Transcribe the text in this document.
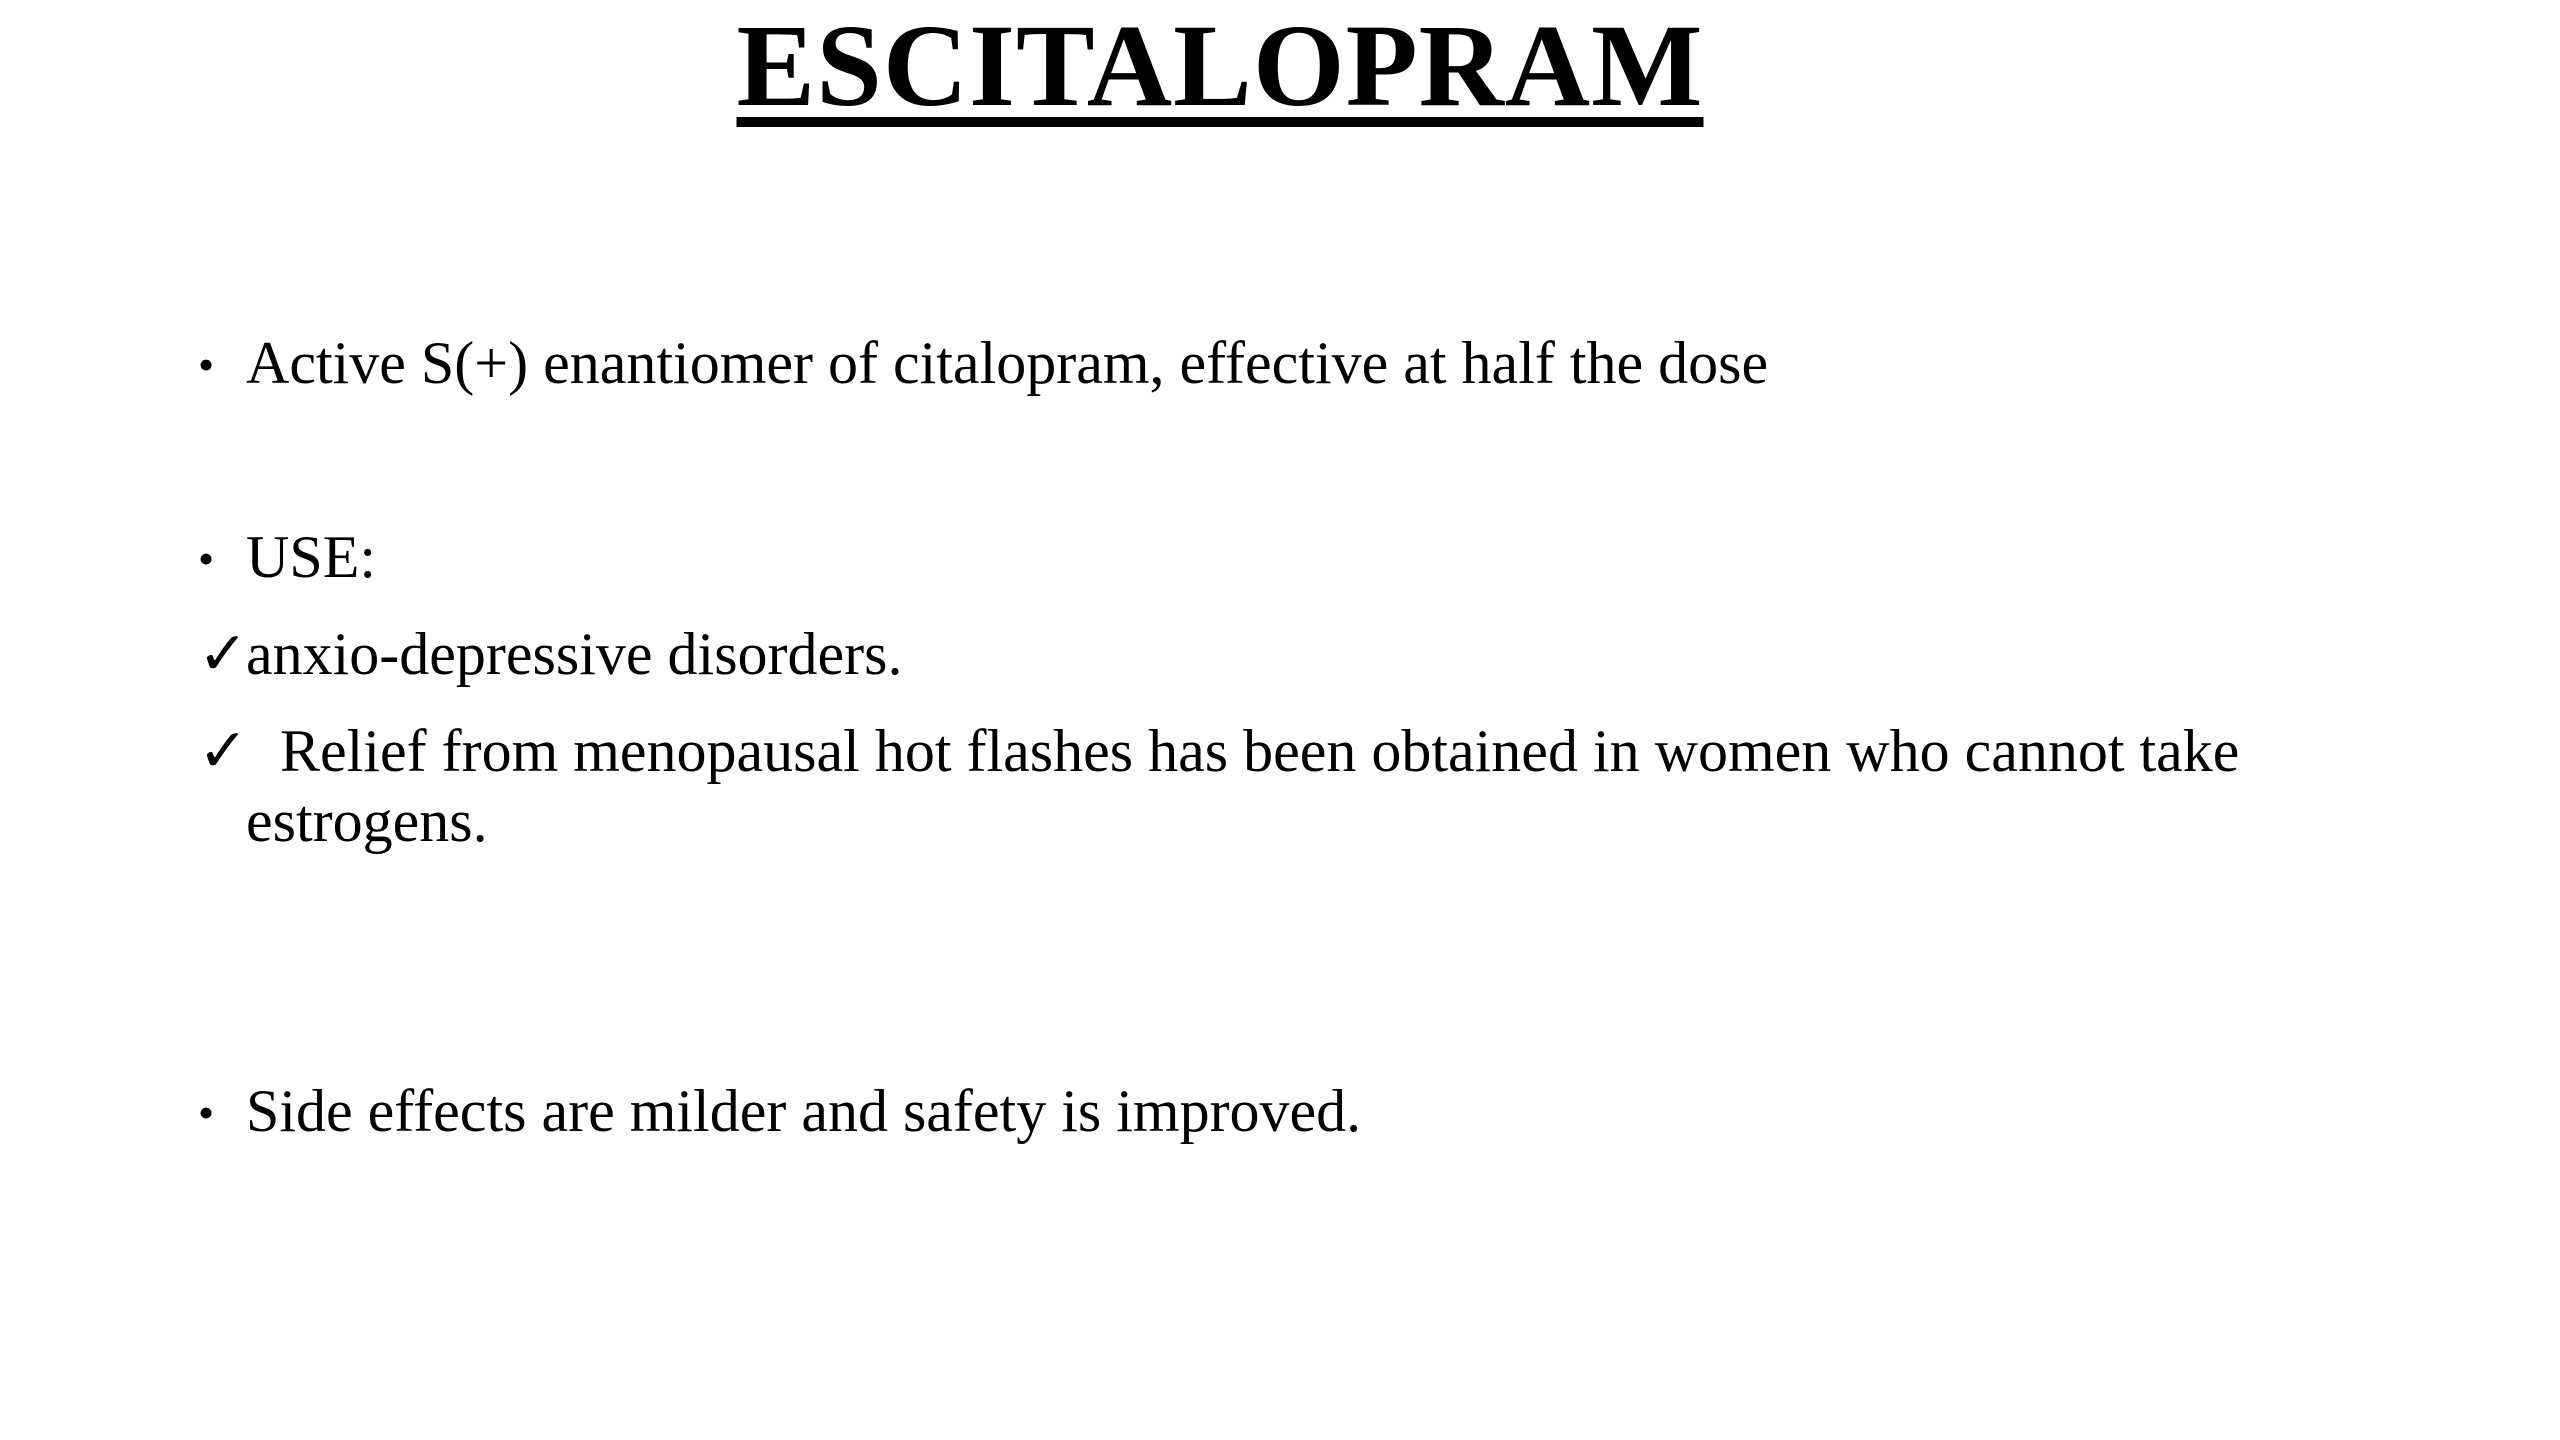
ESCITALOPRAM
• Active S(+) enantiomer of citalopram, effective at half the dose
• USE:
✓
anxio-depressive disorders.
✓ Relief from menopausal hot flashes has been obtained in women who cannot take estrogens.
• Side effects are milder and safety is improved.
